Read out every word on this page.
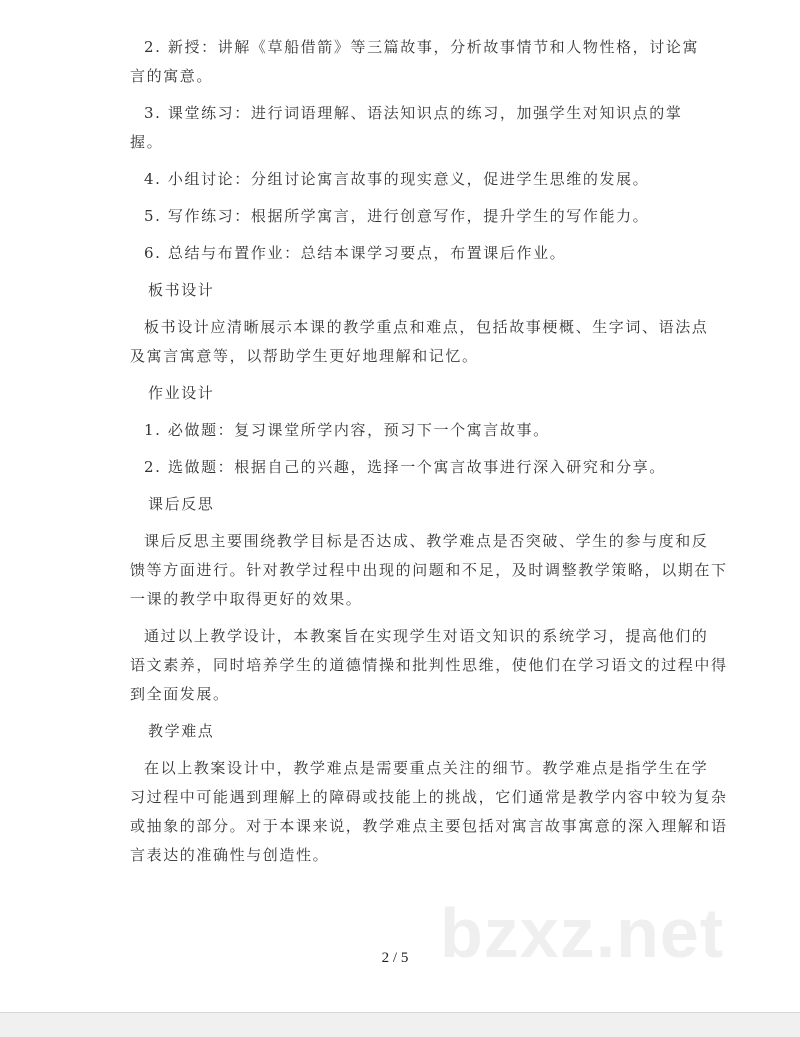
2. 新授：讲解《草船借箭》等三篇故事，分析故事情节和人物性格，讨论寓
言的寓意。
3. 课堂练习：进行词语理解、语法知识点的练习，加强学生对知识点的掌
握。
4. 小组讨论：分组讨论寓言故事的现实意义，促进学生思维的发展。
5. 写作练习：根据所学寓言，进行创意写作，提升学生的写作能力。
6. 总结与布置作业：总结本课学习要点，布置课后作业。
板书设计
板书设计应清晰展示本课的教学重点和难点，包括故事梗概、生字词、语法点
及寓言寓意等，以帮助学生更好地理解和记忆。
作业设计
1. 必做题：复习课堂所学内容，预习下一个寓言故事。
2. 选做题：根据自己的兴趣，选择一个寓言故事进行深入研究和分享。
课后反思
课后反思主要围绕教学目标是否达成、教学难点是否突破、学生的参与度和反
馈等方面进行。针对教学过程中出现的问题和不足，及时调整教学策略，以期在下
一课的教学中取得更好的效果。
通过以上教学设计，本教案旨在实现学生对语文知识的系统学习，提高他们的
语文素养，同时培养学生的道德情操和批判性思维，使他们在学习语文的过程中得
到全面发展。
教学难点
在以上教案设计中，教学难点是需要重点关注的细节。教学难点是指学生在学
习过程中可能遇到理解上的障碍或技能上的挑战，它们通常是教学内容中较为复杂
或抽象的部分。对于本课来说，教学难点主要包括对寓言故事寓意的深入理解和语
言表达的准确性与创造性。
bzxz.net
2 / 5
